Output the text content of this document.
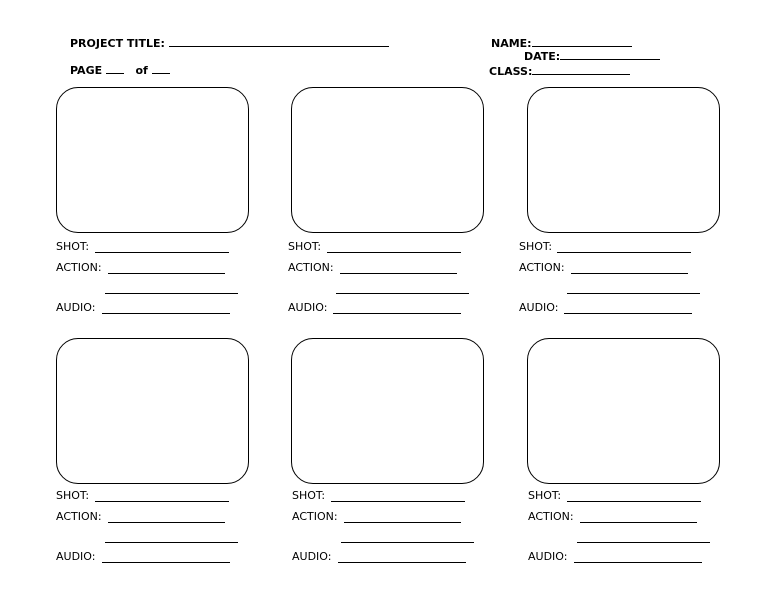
PROJECT TITLE:
PAGE	of
NAME:
DATE:
CLASS:
SHOT:
ACTION:
AUDIO:
SHOT:
ACTION:
AUDIO:
SHOT:
ACTION:
AUDIO:
SHOT:
ACTION:
AUDIO:
SHOT:
ACTION:
AUDIO:
SHOT:
ACTION:
AUDIO:
